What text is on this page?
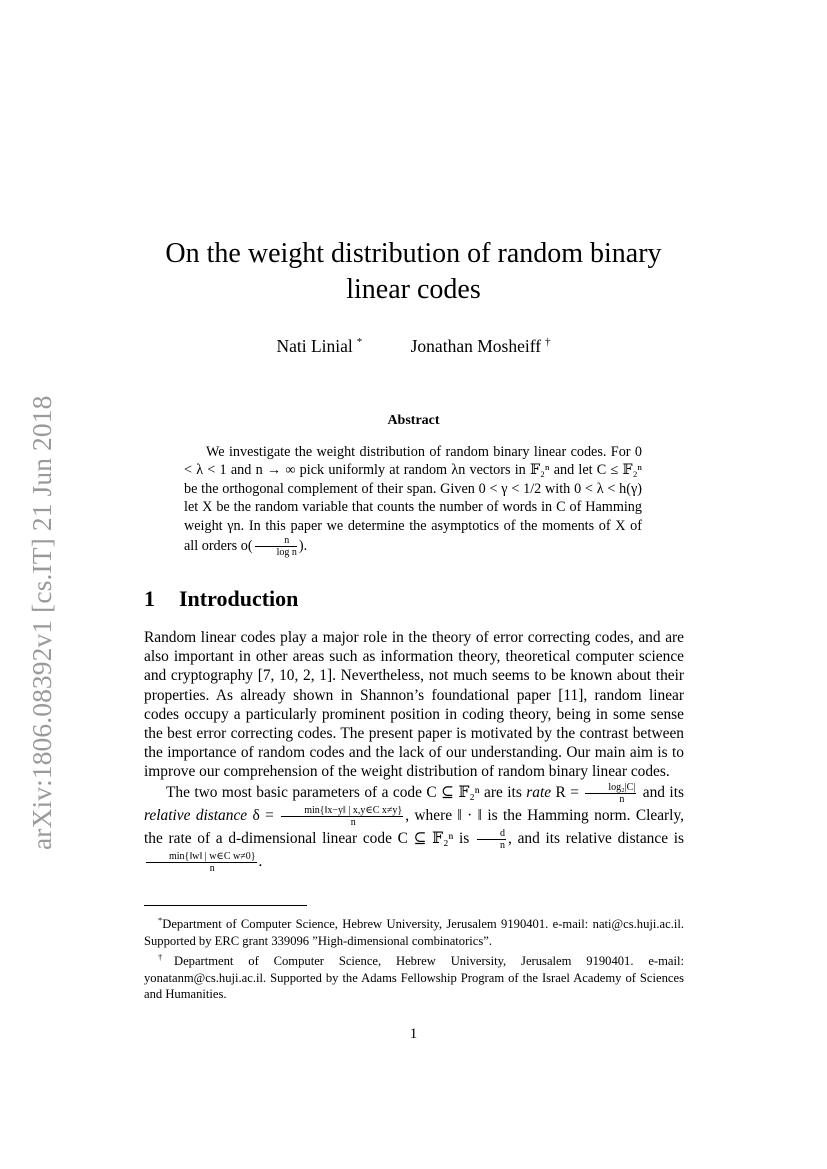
arXiv:1806.08392v1 [cs.IT] 21 Jun 2018
On the weight distribution of random binary
linear codes
Nati Linial *	Jonathan Mosheiff †
Abstract

We investigate the weight distribution of random binary linear codes. For 0 < λ < 1 and n → ∞ pick uniformly at random λn vectors in 𝔽₂ⁿ and let C ≤ 𝔽₂ⁿ be the orthogonal complement of their span. Given 0 < γ < 1/2 with 0 < λ < h(γ) let X be the random variable that counts the number of words in C of Hamming weight γn. In this paper we determine the asymptotics of the moments of X of all orders $o( \frac{n}{\text{log n}}$ ).

1 Introduction

Random linear codes play a major role in the theory of error correcting codes, and are also important in other areas such as information theory, theoretical computer science and cryptography [7, 10, 2, 1]. Nevertheless, not much seems to be known about their properties. As already shown in Shannon’s foundational paper [11], random linear codes occupy a particularly prominent position in coding theory, being in some sense the best error correcting codes. The present paper is motivated by the contrast between the importance of random codes and the lack of our understanding. Our main aim is to improve our comprehension of the weight distribution of random binary linear codes.

The two most basic parameters of a code C ⊆ 𝔽₂ⁿ are its rate $R = \frac{\text{log₂|C|}}{n}$ and its relative distance $\delta = \frac{\text{min\{‖x−y‖ | x,y∈C x≠y\}}}{n}$ , where ‖ · ‖ is the Hamming norm. Clearly, the rate of a d-dimensional linear code C ⊆ 𝔽₂ⁿ is $\frac{d}{n}$ , and its relative distance is
$\frac{\text{min\{‖w‖ | w∈C w≠0\}}}{n}$ .

*Department of Computer Science, Hebrew University, Jerusalem 9190401. e-mail: nati@cs.huji.ac.il. Supported by ERC grant 339096 ”High-dimensional combinatorics”.

†Department of Computer Science, Hebrew University, Jerusalem 9190401. e-mail: yonatanm@cs.huji.ac.il. Supported by the Adams Fellowship Program of the Israel Academy of Sciences and Humanities.

1
